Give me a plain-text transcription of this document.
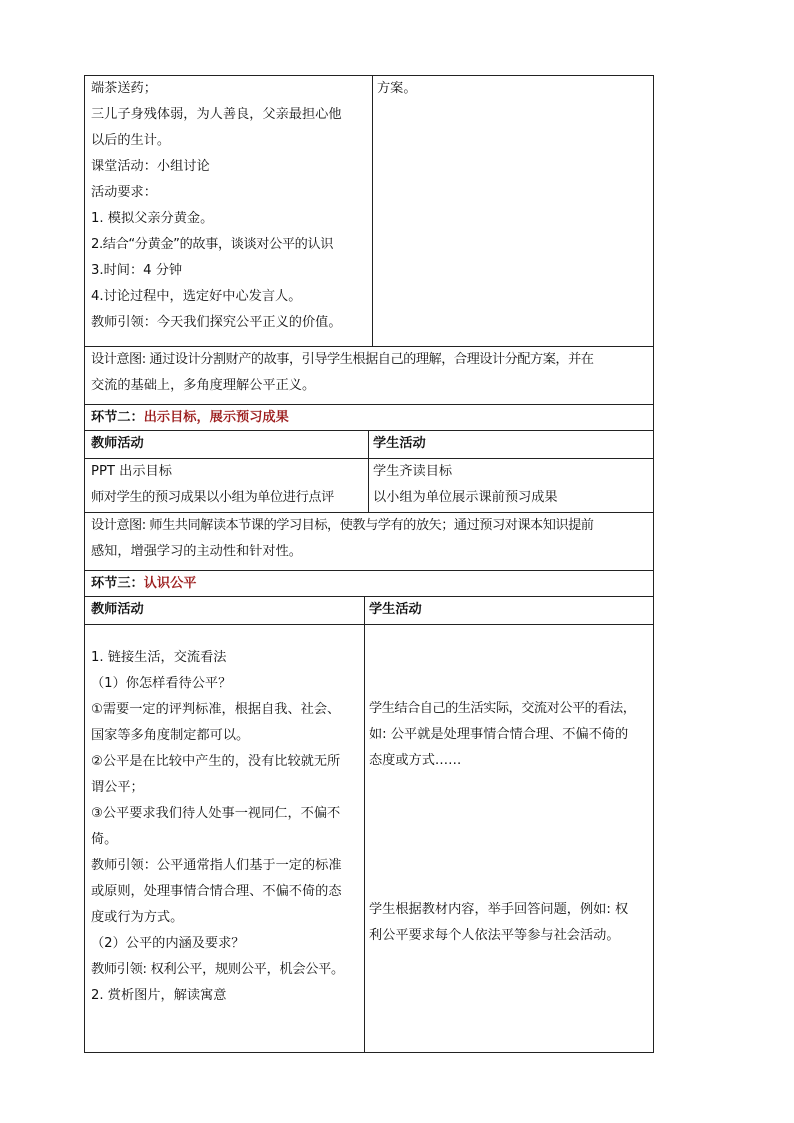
端茶送药；
三儿子身残体弱，为人善良，父亲最担心他
以后的生计。
课堂活动：小组讨论
活动要求：
1. 模拟父亲分黄金。
2.结合“分黄金”的故事，谈谈对公平的认识
3.时间：4 分钟
4.讨论过程中，选定好中心发言人。
教师引领：今天我们探究公平正义的价值。
方案。
设计意图: 通过设计分割财产的故事，引导学生根据自己的理解，合理设计分配方案，并在
交流的基础上，多角度理解公平正义。
环节二：出示目标，展示预习成果
教师活动	学生活动
PPT 出示目标
师对学生的预习成果以小组为单位进行点评
学生齐读目标
以小组为单位展示课前预习成果
设计意图: 师生共同解读本节课的学习目标，使教与学有的放矢；通过预习对课本知识提前
感知，增强学习的主动性和针对性。
环节三：认识公平
教师活动	学生活动
1. 链接生活，交流看法
（1）你怎样看待公平？
①需要一定的评判标准，根据自我、社会、
国家等多角度制定都可以。
②公平是在比较中产生的，没有比较就无所
谓公平；
③公平要求我们待人处事一视同仁，不偏不
倚。
教师引领：公平通常指人们基于一定的标准
或原则，处理事情合情合理、不偏不倚的态
度或行为方式。
（2）公平的内涵及要求？
教师引领: 权利公平，规则公平，机会公平。
2. 赏析图片，解读寓意
学生结合自己的生活实际，交流对公平的看法，
如: 公平就是处理事情合情合理、不偏不倚的
态度或方式……
学生根据教材内容，举手回答问题，例如: 权
利公平要求每个人依法平等参与社会活动。
